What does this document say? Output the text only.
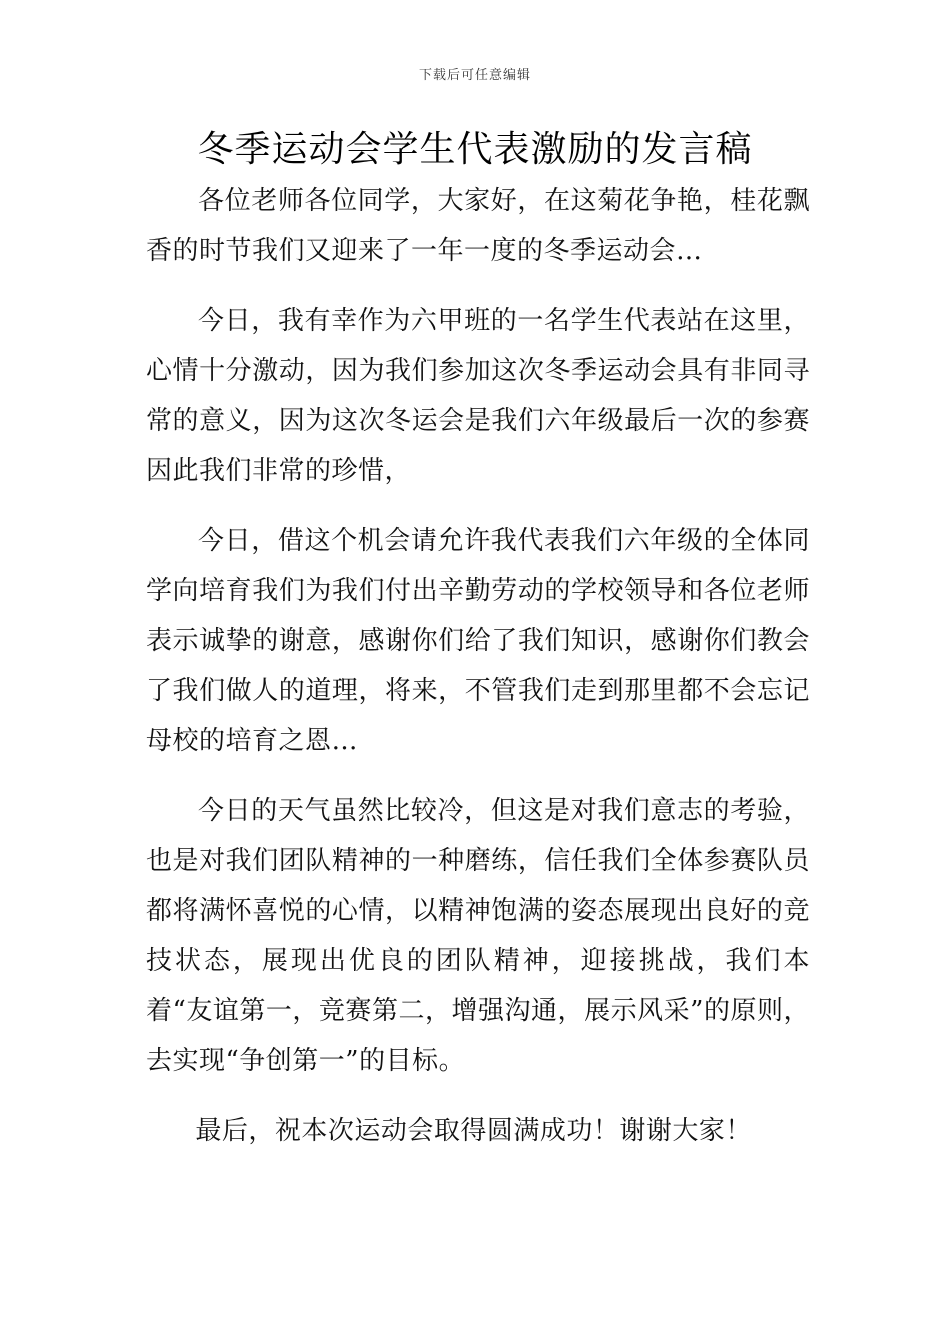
下载后可任意编辑
冬季运动会学生代表激励的发言稿

各位老师各位同学，大家好，在这菊花争艳，桂花飘香的时节我们又迎来了一年一度的冬季运动会…

今日，我有幸作为六甲班的一名学生代表站在这里，心情十分激动，因为我们参加这次冬季运动会具有非同寻常的意义，因为这次冬运会是我们六年级最后一次的参赛因此我们非常的珍惜，

今日，借这个机会请允许我代表我们六年级的全体同学向培育我们为我们付出辛勤劳动的学校领导和各位老师表示诚挚的谢意，感谢你们给了我们知识，感谢你们教会了我们做人的道理，将来，不管我们走到那里都不会忘记母校的培育之恩…

今日的天气虽然比较冷，但这是对我们意志的考验，也是对我们团队精神的一种磨练，信任我们全体参赛队员都将满怀喜悦的心情，以精神饱满的姿态展现出良好的竞技状态，展现出优良的团队精神，迎接挑战，我们本着“友谊第一，竞赛第二，增强沟通，展示风采”的原则，去实现“争创第一”的目标。

最后，祝本次运动会取得圆满成功！谢谢大家！
